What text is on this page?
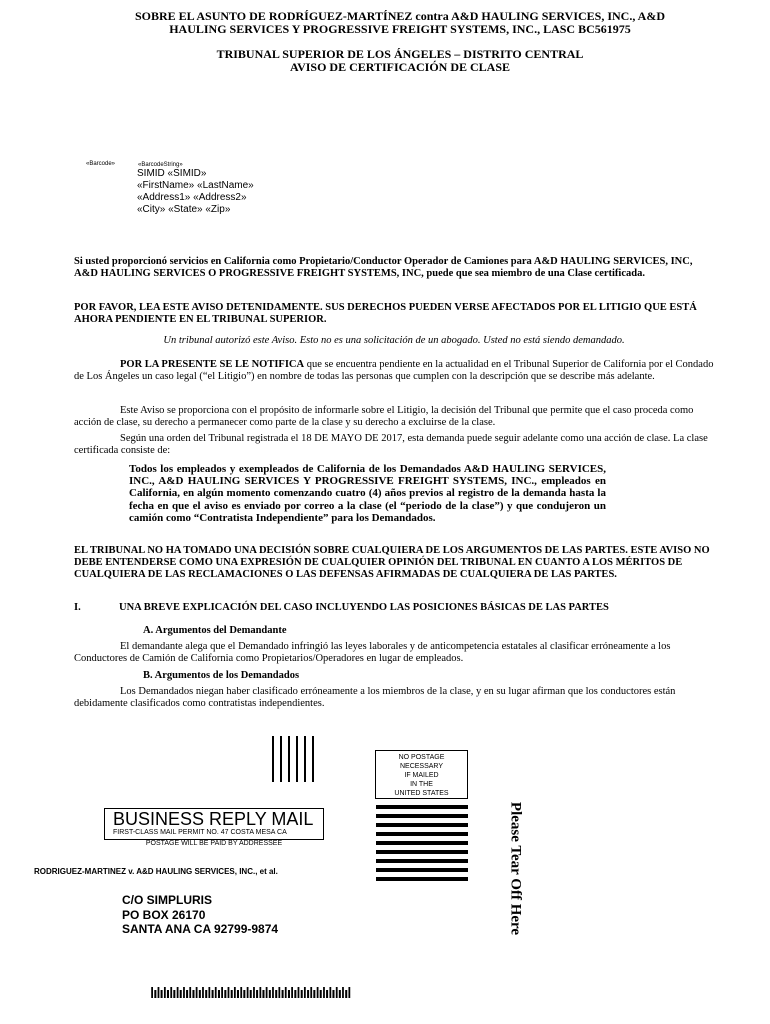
SOBRE EL ASUNTO DE RODRÍGUEZ-MARTÍNEZ contra A&D HAULING SERVICES, INC., A&D
HAULING SERVICES Y PROGRESSIVE FREIGHT SYSTEMS, INC., LASC BC561975
TRIBUNAL SUPERIOR DE LOS ÁNGELES – DISTRITO CENTRAL
AVISO DE CERTIFICACIÓN DE CLASE
«Barcode»	«BarcodeString»
SIMID «SIMID»
«FirstName» «LastName»
«Address1» «Address2»
«City» «State» «Zip»
Si usted proporcionó servicios en California como Propietario/Conductor Operador de Camiones para A&D HAULING SERVICES, INC, A&D HAULING SERVICES O PROGRESSIVE FREIGHT SYSTEMS, INC, puede que sea miembro de una Clase certificada.
POR FAVOR, LEA ESTE AVISO DETENIDAMENTE. SUS DERECHOS PUEDEN VERSE AFECTADOS POR EL LITIGIO QUE ESTÁ AHORA PENDIENTE EN EL TRIBUNAL SUPERIOR.
Un tribunal autorizó este Aviso. Esto no es una solicitación de un abogado. Usted no está siendo demandado.
POR LA PRESENTE SE LE NOTIFICA que se encuentra pendiente en la actualidad en el Tribunal Superior de California por el Condado de Los Ángeles un caso legal (“el Litigio”) en nombre de todas las personas que cumplen con la descripción que se describe más adelante.
Este Aviso se proporciona con el propósito de informarle sobre el Litigio, la decisión del Tribunal que permite que el caso proceda como acción de clase, su derecho a permanecer como parte de la clase y su derecho a excluirse de la clase.
Según una orden del Tribunal registrada el 18 DE MAYO DE 2017, esta demanda puede seguir adelante como una acción de clase. La clase certificada consiste de:
Todos los empleados y exempleados de California de los Demandados A&D HAULING SERVICES, INC., A&D HAULING SERVICES Y PROGRESSIVE FREIGHT SYSTEMS, INC., empleados en California, en algún momento comenzando cuatro (4) años previos al registro de la demanda hasta la fecha en que el aviso es enviado por correo a la clase (el “periodo de la clase”) y que condujeron un camión como “Contratista Independiente” para los Demandados.
EL TRIBUNAL NO HA TOMADO UNA DECISIÓN SOBRE CUALQUIERA DE LOS ARGUMENTOS DE LAS PARTES. ESTE AVISO NO DEBE ENTENDERSE COMO UNA EXPRESIÓN DE CUALQUIER OPINIÓN DEL TRIBUNAL EN CUANTO A LOS MÉRITOS DE CUALQUIERA DE LAS RECLAMACIONES O LAS DEFENSAS AFIRMADAS DE CUALQUIERA DE LAS PARTES.
I.	UNA BREVE EXPLICACIÓN DEL CASO INCLUYENDO LAS POSICIONES BÁSICAS DE LAS PARTES
A. Argumentos del Demandante
El demandante alega que el Demandado infringió las leyes laborales y de anticompetencia estatales al clasificar erróneamente a los Conductores de Camión de California como Propietarios/Operadores en lugar de empleados.
B. Argumentos de los Demandados
Los Demandados niegan haber clasificado erróneamente a los miembros de la clase, y en su lugar afirman que los conductores están debidamente clasificados como contratistas independientes.
NO POSTAGE
NECESSARY
IF MAILED
IN THE
UNITED STATES
BUSINESS REPLY MAIL
FIRST-CLASS MAIL PERMIT NO. 47 COSTA MESA CA
POSTAGE WILL BE PAID BY ADDRESSEE
RODRIGUEZ-MARTINEZ v. A&D HAULING SERVICES, INC., et al.
C/O SIMPLURIS
PO BOX 26170
SANTA ANA CA 92799-9874	Please Tear Off Here
ǀıǀıǀıǀıǀıǀıǀıǀıǀıǀıǀıǀıǀıǀıǀıǀıǀıǀıǀıǀıǀıǀıǀıǀıǀıǀıǀıǀıǀıǀıǀıǀ
